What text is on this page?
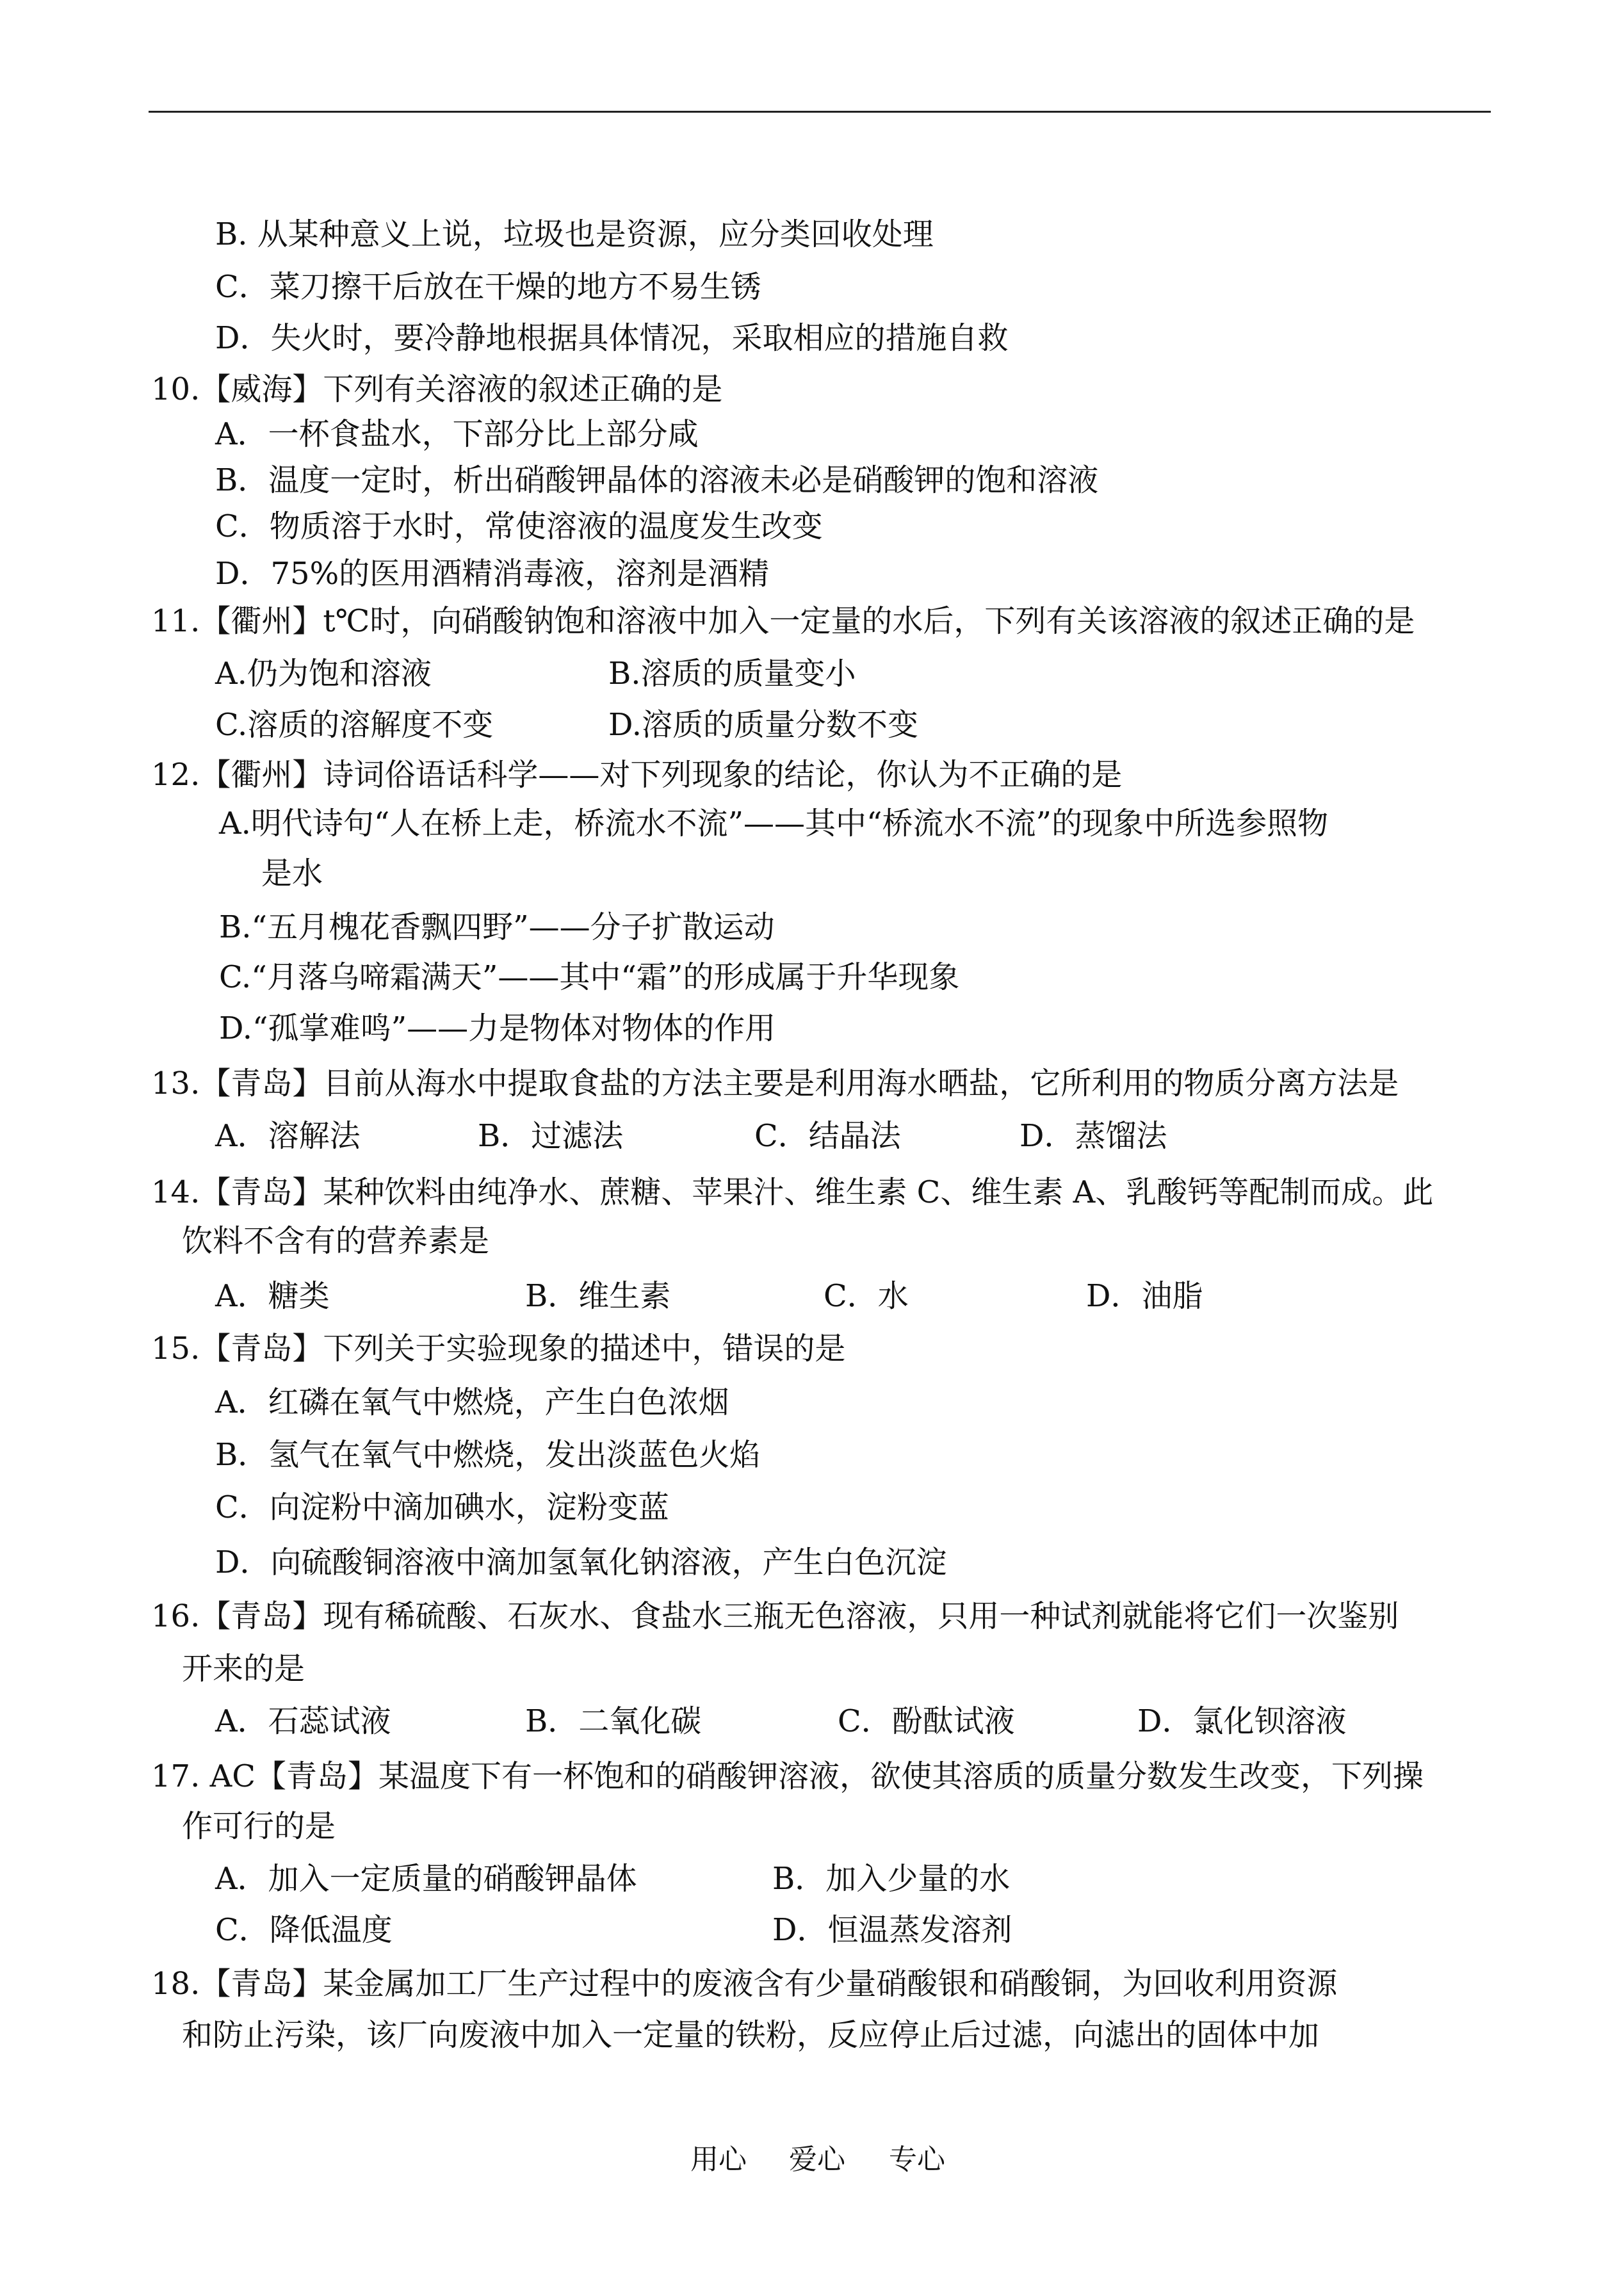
B. 从某种意义上说，垃圾也是资源，应分类回收处理
C．菜刀擦干后放在干燥的地方不易生锈
D．失火时，要冷静地根据具体情况，采取相应的措施自救
10.【威海】下列有关溶液的叙述正确的是
A．一杯食盐水，下部分比上部分咸
B．温度一定时，析出硝酸钾晶体的溶液未必是硝酸钾的饱和溶液
C．物质溶于水时，常使溶液的温度发生改变
D．75%的医用酒精消毒液，溶剂是酒精
11.【衢州】t℃时，向硝酸钠饱和溶液中加入一定量的水后，下列有关该溶液的叙述正确的是
A.仍为饱和溶液	B.溶质的质量变小
C.溶质的溶解度不变	D.溶质的质量分数不变
12.【衢州】诗词俗语话科学——对下列现象的结论，你认为不正确的是
A.明代诗句“人在桥上走，桥流水不流”——其中“桥流水不流”的现象中所选参照物
是水
B.“五月槐花香飘四野”——分子扩散运动
C.“月落乌啼霜满天”——其中“霜”的形成属于升华现象
D.“孤掌难鸣”——力是物体对物体的作用
13.【青岛】目前从海水中提取食盐的方法主要是利用海水晒盐，它所利用的物质分离方法是
A．溶解法	B．过滤法	C．结晶法	D．蒸馏法
14.【青岛】某种饮料由纯净水、蔗糖、苹果汁、维生素 C、维生素 A、乳酸钙等配制而成。此
饮料不含有的营养素是
A．糖类	B．维生素	C．水	D．油脂
15.【青岛】下列关于实验现象的描述中，错误的是
A．红磷在氧气中燃烧，产生白色浓烟
B．氢气在氧气中燃烧，发出淡蓝色火焰
C．向淀粉中滴加碘水，淀粉变蓝
D．向硫酸铜溶液中滴加氢氧化钠溶液，产生白色沉淀
16.【青岛】现有稀硫酸、石灰水、食盐水三瓶无色溶液，只用一种试剂就能将它们一次鉴别
开来的是
A．石蕊试液	B．二氧化碳	C．酚酞试液	D．氯化钡溶液
17. AC【青岛】某温度下有一杯饱和的硝酸钾溶液，欲使其溶质的质量分数发生改变，下列操
作可行的是
A．加入一定质量的硝酸钾晶体	B．加入少量的水
C．降低温度	D．恒温蒸发溶剂
18.【青岛】某金属加工厂生产过程中的废液含有少量硝酸银和硝酸铜，为回收利用资源
和防止污染，该厂向废液中加入一定量的铁粉，反应停止后过滤，向滤出的固体中加
用心 爱心 专心
